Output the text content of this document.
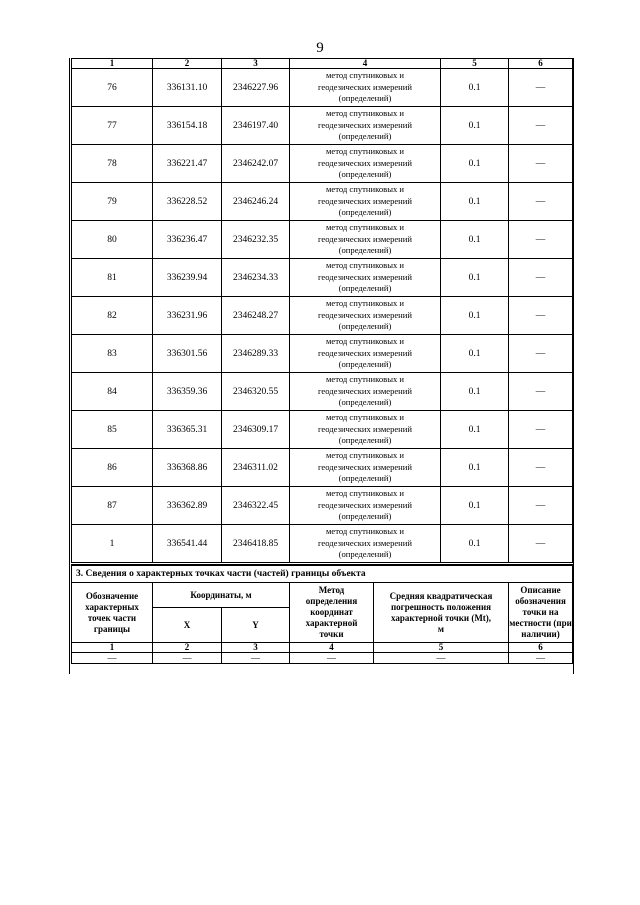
9
1	2	3	4	5	6
76	336131.10	2346227.96	метод спутниковых и
геодезических измерений
(определений)	0.1	—
77	336154.18	2346197.40	метод спутниковых и
геодезических измерений
(определений)	0.1	—
78	336221.47	2346242.07	метод спутниковых и
геодезических измерений
(определений)	0.1	—
79	336228.52	2346246.24	метод спутниковых и
геодезических измерений
(определений)	0.1	—
80	336236.47	2346232.35	метод спутниковых и
геодезических измерений
(определений)	0.1	—
81	336239.94	2346234.33	метод спутниковых и
геодезических измерений
(определений)	0.1	—
82	336231.96	2346248.27	метод спутниковых и
геодезических измерений
(определений)	0.1	—
83	336301.56	2346289.33	метод спутниковых и
геодезических измерений
(определений)	0.1	—
84	336359.36	2346320.55	метод спутниковых и
геодезических измерений
(определений)	0.1	—
85	336365.31	2346309.17	метод спутниковых и
геодезических измерений
(определений)	0.1	—
86	336368.86	2346311.02	метод спутниковых и
геодезических измерений
(определений)	0.1	—
87	336362.89	2346322.45	метод спутниковых и
геодезических измерений
(определений)	0.1	—
1	336541.44	2346418.85	метод спутниковых и
геодезических измерений
(определений)	0.1	—
3. Сведения о характерных точках части (частей) границы объекта					
Обозначение
характерных
точек части
границы	Координаты, м		Метод
определения
координат
характерной
точки	Средняя квадратическая
погрешность положения
характерной точки (Mt),
м	Описание
обозначения
точки на
местности (при
наличии)
	X	Y			
1	2	3	4	5	6
—	—	—	—	—	—
